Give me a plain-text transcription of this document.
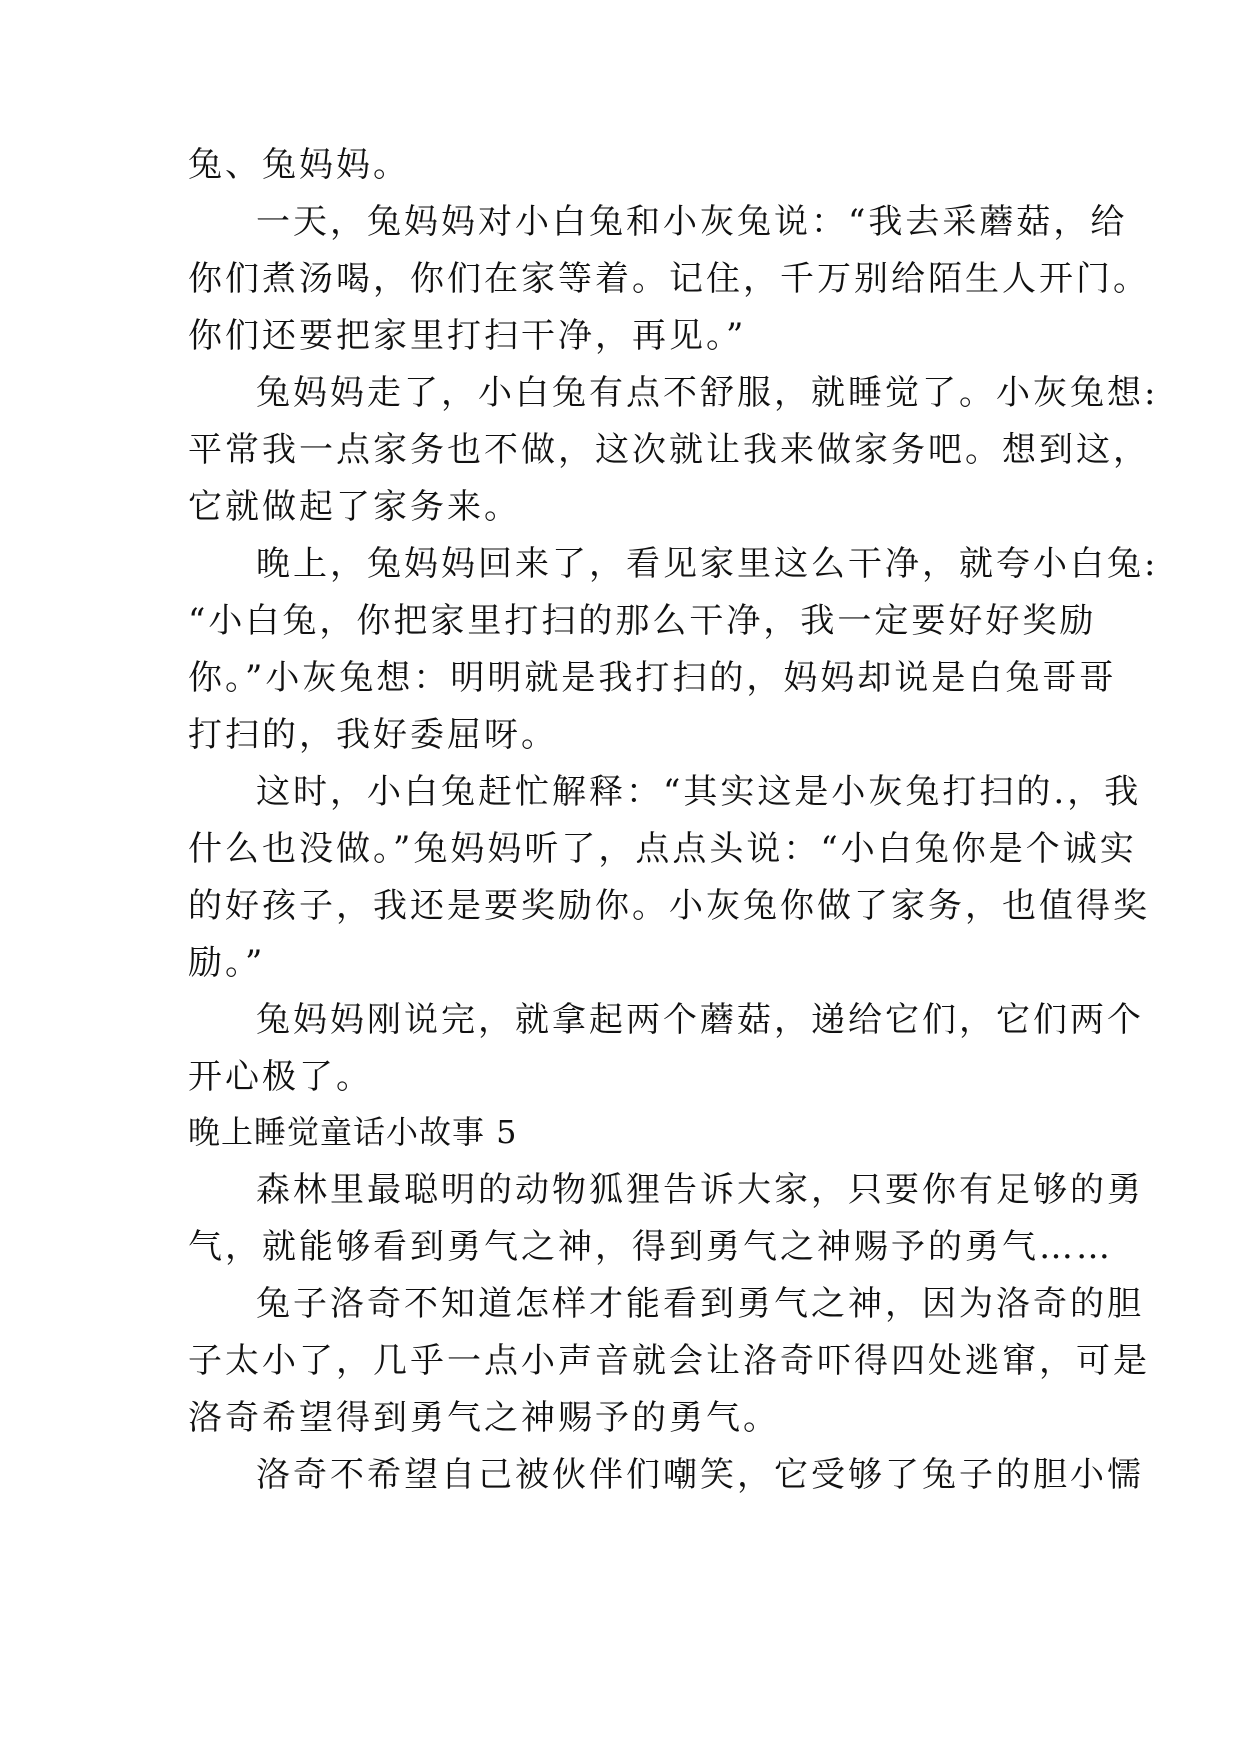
兔、兔妈妈。
一天，兔妈妈对小白兔和小灰兔说：“我去采蘑菇，给
你们煮汤喝，你们在家等着。记住，千万别给陌生人开门。
你们还要把家里打扫干净，再见。”
兔妈妈走了，小白兔有点不舒服，就睡觉了。小灰兔想:
平常我一点家务也不做，这次就让我来做家务吧。想到这，
它就做起了家务来。
晚上，兔妈妈回来了，看见家里这么干净，就夸小白兔:
“小白兔，你把家里打扫的那么干净，我一定要好好奖励
你。”小灰兔想：明明就是我打扫的，妈妈却说是白兔哥哥
打扫的，我好委屈呀。
这时，小白兔赶忙解释：“其实这是小灰兔打扫的.，我
什么也没做。”兔妈妈听了，点点头说：“小白兔你是个诚实
的好孩子，我还是要奖励你。小灰兔你做了家务，也值得奖
励。”
兔妈妈刚说完，就拿起两个蘑菇，递给它们，它们两个
开心极了。
晚上睡觉童话小故事 5
森林里最聪明的动物狐狸告诉大家，只要你有足够的勇
气，就能够看到勇气之神，得到勇气之神赐予的勇气……
兔子洛奇不知道怎样才能看到勇气之神，因为洛奇的胆
子太小了，几乎一点小声音就会让洛奇吓得四处逃窜，可是
洛奇希望得到勇气之神赐予的勇气。
洛奇不希望自己被伙伴们嘲笑，它受够了兔子的胆小懦
